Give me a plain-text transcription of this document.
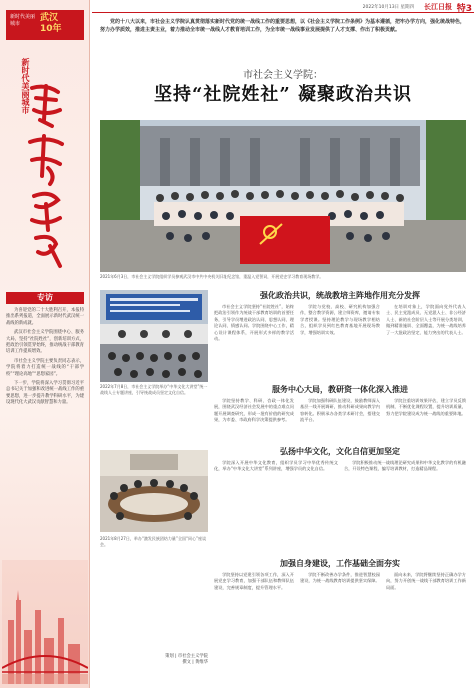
新时代美丽城市
武汉
10年
新时代美丽城市
专访

为喜迎党的二十大胜利召开，本报特推出系列报道，全面展示新时代武汉统一战线的新成就。

武汉市社会主义学院围绕中心、服务大局，坚持“社院姓社”，创新培训方式，把政治引领贯穿始终，推动统战干部教育培训工作提质增效。

市社会主义学院主要负责同志表示，学院将着力打造统一战线的“干部学校”“理论高地”“思想家园”。

下一步，学院将深入学习贯彻习近平总书记关于加强和改进统一战线工作的重要思想，进一步提升教学科研水平，为建设现代化大武汉贡献智慧和力量。

2022年10月13日 星期四 长江日报 特3
党的十八大以来，市社会主义学院认真贯彻落实新时代党的统一战线工作的重要思想，以《社会主义学院工作条例》为基本遵循，把牢办学方向，强化统战特色，努力办学质效，推进主责主业，着力推动全市统一战线人才教育培训工作，为全市统一战线事业发展提供了人才支撑、作出了积极贡献。
市社会主义学院：
坚持“社院姓社” 凝聚政治共识
2021年6月3日，市社会主义学院组织学员参观武汉市中共中央机关旧址纪念馆，重温入党誓词，开展党史学习教育现场教学。
强化政治共识，统战教培主阵地作用充分发挥
2022年7月8日，市社会主义学院举办“中华文化大讲堂”统一战线人士专题讲座，引导统战成员坚定文化自信。

市社会主义学院坚持“社院姓社”，始终把政治引领作为统战干部教育培训的首要任务，引导学员增进政治认同、思想认同、理论认同、情感认同。学院围绕中心工作，精心设计课程体系，开展形式多样的教学活动。

学院与党校、高校、研究机构加强合作，整合教学资源，建立师资库，邀请专家学者授课。坚持理论教学与现场教学相结合，组织学员到红色教育基地开展现场教学，增强培训实效。

在培训对象上，学院面向党外代表人士、民主党派成员、无党派人士、非公经济人士、新的社会阶层人士等开展分类培训，做到精准施训、全面覆盖，为统一战线培养了一大批政治坚定、能力突出的代表人士。

服务中心大局，教研资一体化深入推进

学院坚持教学、科研、咨政一体化发展，围绕武汉经济社会发展中的重点难点问题开展调查研究，形成一批有价值的研究成果，为市委、市政府科学决策提供参考。

学院加强科研队伍建设，鼓励教师深入基层一线开展调研，推动科研成果向教学内容转化。积极承办各类学术研讨会，搭建交流平台。

学院注重培训效果评估，建立学员反馈机制，不断优化课程设置，提升培训质量，努力把学院建设成为统一战线的重要阵地。

2021年8月27日，举办“激发民族团结力量”全国“同心”座谈会。
弘扬中华文化，文化自信更加坚定

学院深入开展中华文化教育，组织学员学习中华优秀传统文化，举办“中华文化大讲堂”系列讲座，增强学员的文化自信。

学院积极推动统一战线理论研究成果和中华文化教学的有机融合，开设特色课程，编写培训教材，打造精品课程。

加强自身建设，工作基础全面夯实

学院坚持以党建引领各项工作，深入开展党史学习教育，加强干部队伍和教师队伍建设，完善规章制度，提升管理水平。

学院不断改善办学条件，推进智慧校园建设，为统一战线教育培训提供坚实保障。

面向未来，学院将继续坚持正确办学方向，努力开创统一战线干部教育培训工作新局面。

策划 | 市社会主义学院
撰文 | 黄维华
